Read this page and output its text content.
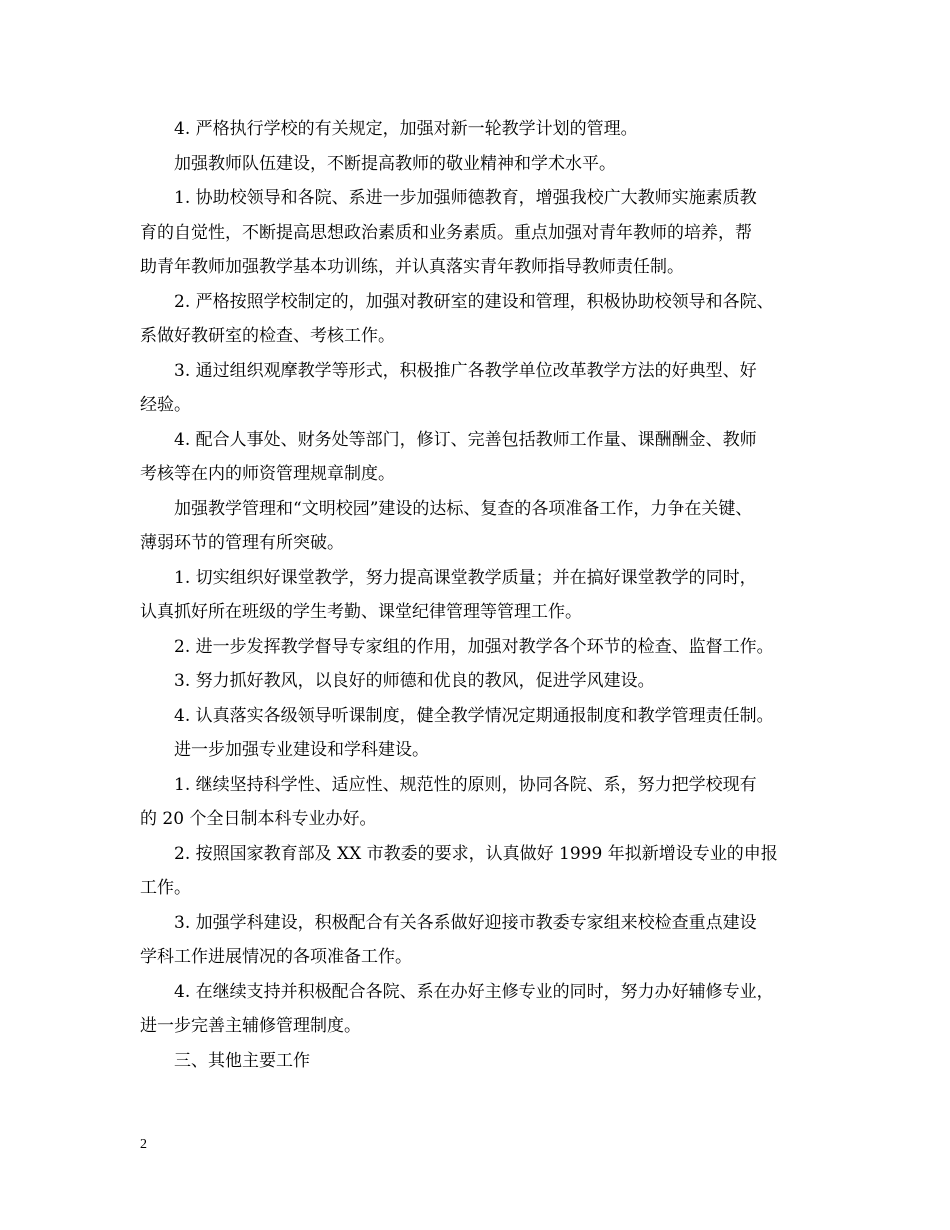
4. 严格执行学校的有关规定，加强对新一轮教学计划的管理。
加强教师队伍建设，不断提高教师的敬业精神和学术水平。
1. 协助校领导和各院、系进一步加强师德教育，增强我校广大教师实施素质教
育的自觉性，不断提高思想政治素质和业务素质。重点加强对青年教师的培养，帮
助青年教师加强教学基本功训练，并认真落实青年教师指导教师责任制。
2. 严格按照学校制定的，加强对教研室的建设和管理，积极协助校领导和各院、
系做好教研室的检查、考核工作。
3. 通过组织观摩教学等形式，积极推广各教学单位改革教学方法的好典型、好
经验。
4. 配合人事处、财务处等部门，修订、完善包括教师工作量、课酬酬金、教师
考核等在内的师资管理规章制度。
加强教学管理和“文明校园”建设的达标、复查的各项准备工作，力争在关键、
薄弱环节的管理有所突破。
1. 切实组织好课堂教学，努力提高课堂教学质量；并在搞好课堂教学的同时，
认真抓好所在班级的学生考勤、课堂纪律管理等管理工作。
2. 进一步发挥教学督导专家组的作用，加强对教学各个环节的检查、监督工作。
3. 努力抓好教风，以良好的师德和优良的教风，促进学风建设。
4. 认真落实各级领导听课制度，健全教学情况定期通报制度和教学管理责任制。
进一步加强专业建设和学科建设。
1. 继续坚持科学性、适应性、规范性的原则，协同各院、系，努力把学校现有
的 20 个全日制本科专业办好。
2. 按照国家教育部及 XX 市教委的要求，认真做好 1999 年拟新增设专业的申报
工作。
3. 加强学科建设，积极配合有关各系做好迎接市教委专家组来校检查重点建设
学科工作进展情况的各项准备工作。
4. 在继续支持并积极配合各院、系在办好主修专业的同时，努力办好辅修专业，
进一步完善主辅修管理制度。
三、其他主要工作
2
